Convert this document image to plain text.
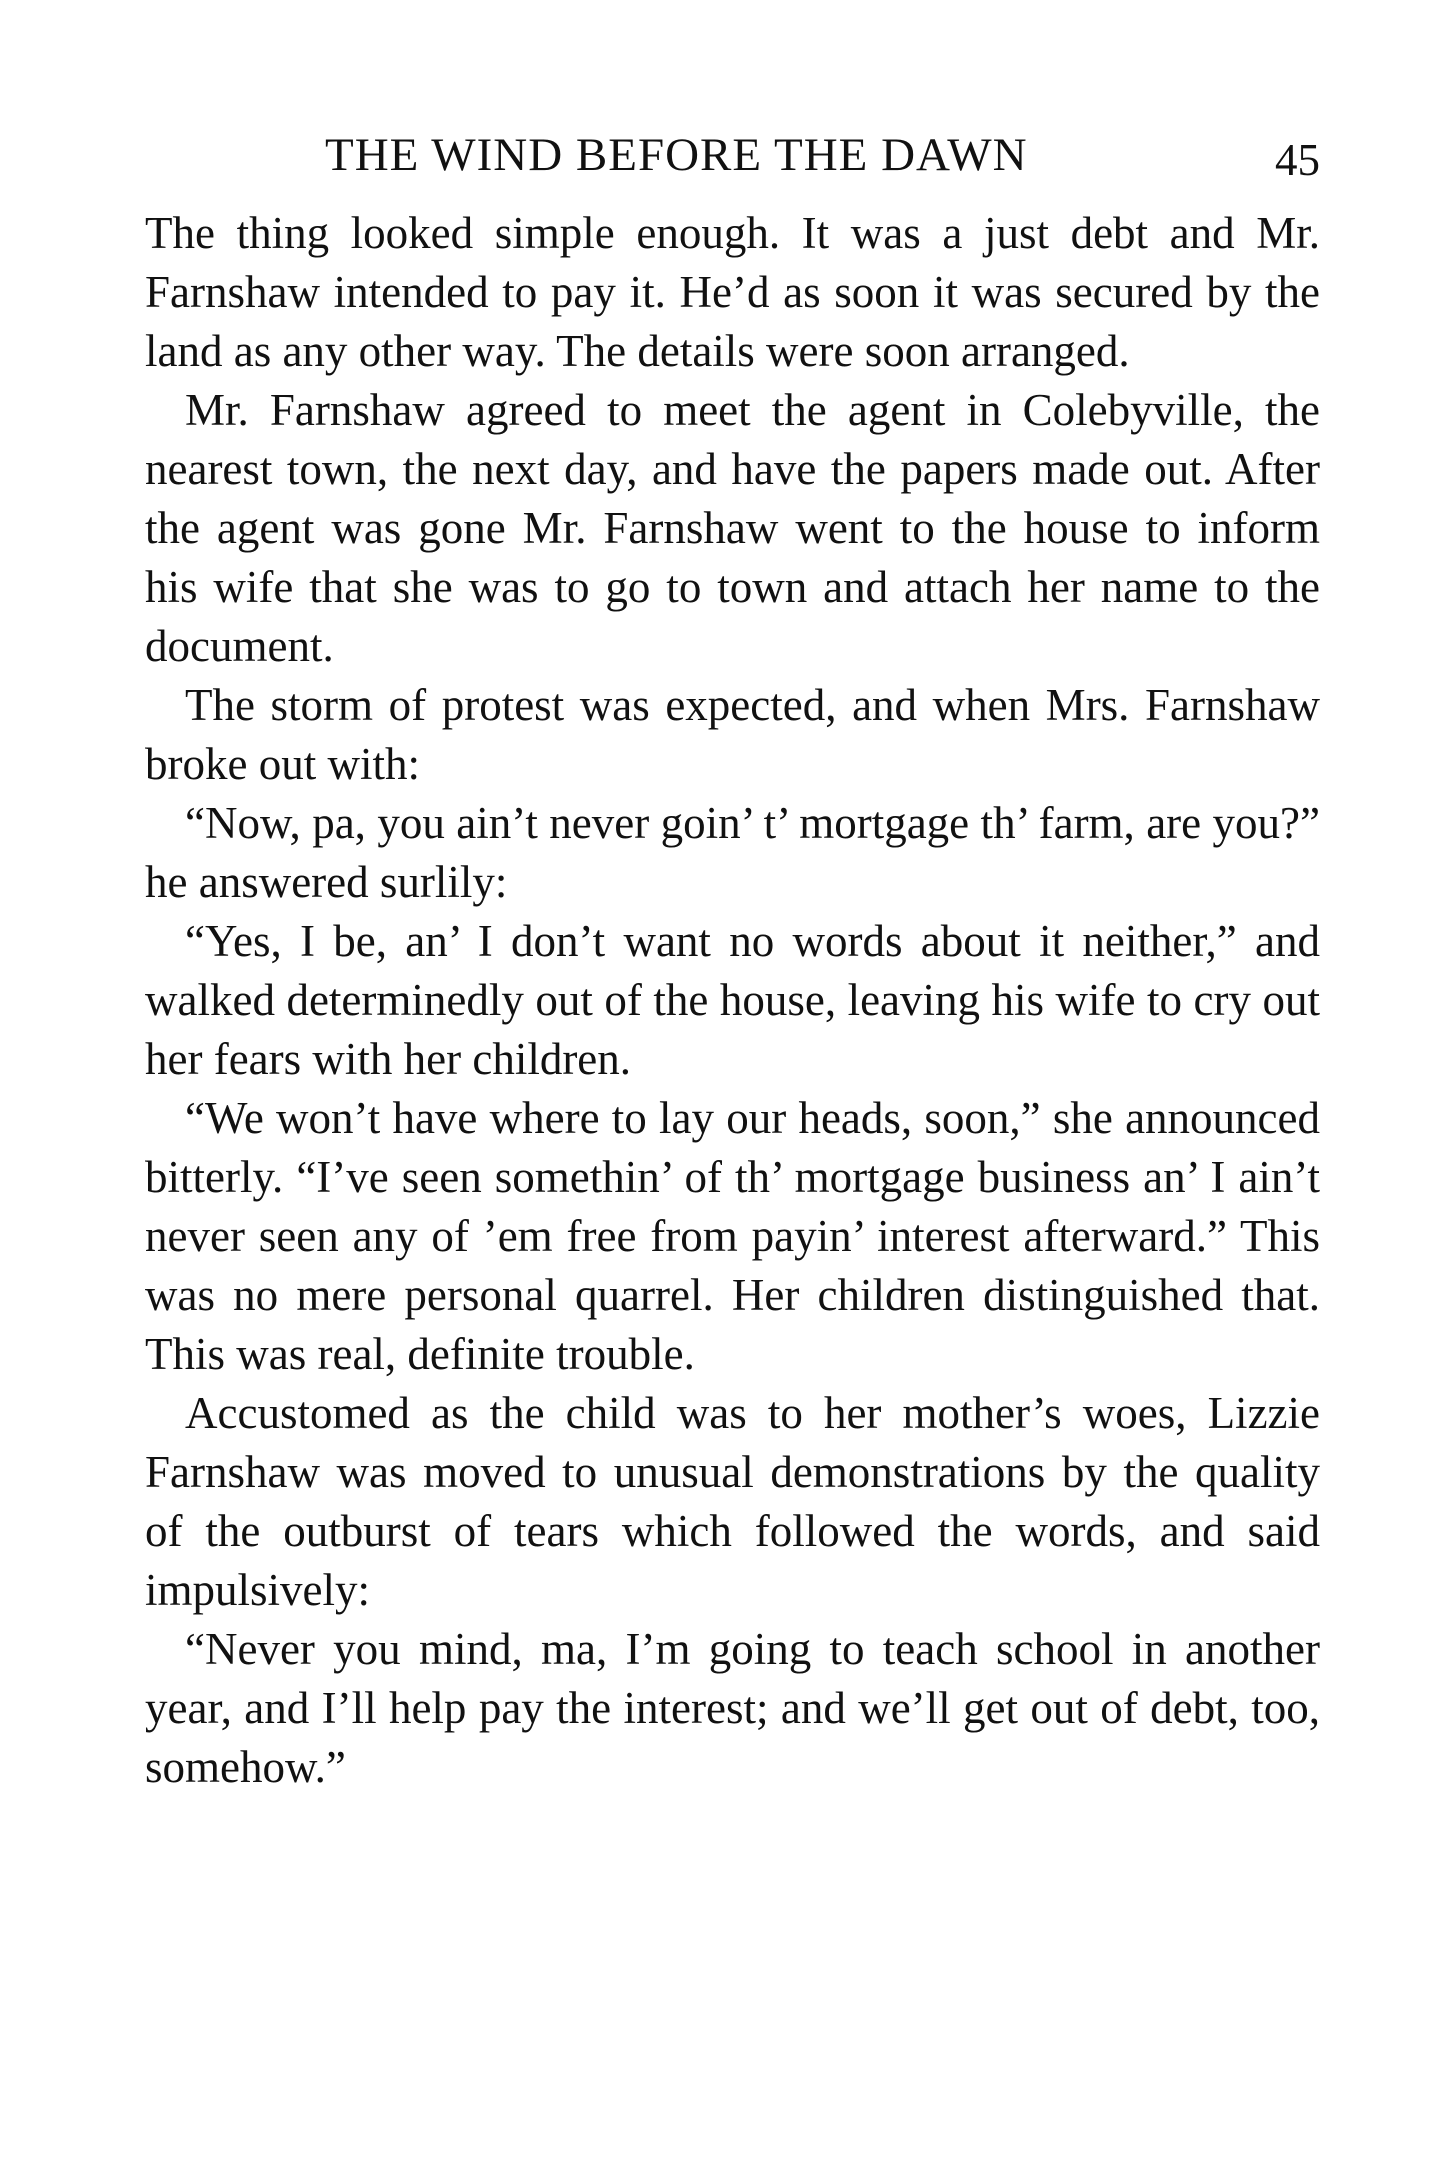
THE WIND BEFORE THE DAWN	45

The thing looked simple enough. It was a just debt and Mr. Farnshaw intended to pay it. He’d as soon it was secured by the land as any other way. The details were soon arranged.

Mr. Farnshaw agreed to meet the agent in Colebyville, the nearest town, the next day, and have the papers made out. After the agent was gone Mr. Farnshaw went to the house to inform his wife that she was to go to town and attach her name to the document.

The storm of protest was expected, and when Mrs. Farnshaw broke out with:

“Now, pa, you ain’t never goin’ t’ mortgage th’ farm, are you?” he answered surlily:

“Yes, I be, an’ I don’t want no words about it neither,” and walked determinedly out of the house, leaving his wife to cry out her fears with her children.

“We won’t have where to lay our heads, soon,” she announced bitterly. “I’ve seen somethin’ of th’ mortgage business an’ I ain’t never seen any of ’em free from payin’ interest afterward.” This was no mere personal quarrel. Her children distinguished that. This was real, definite trouble.

Accustomed as the child was to her mother’s woes, Lizzie Farnshaw was moved to unusual demonstrations by the quality of the outburst of tears which followed the words, and said impulsively:

“Never you mind, ma, I’m going to teach school in another year, and I’ll help pay the interest; and we’ll get out of debt, too, somehow.”
